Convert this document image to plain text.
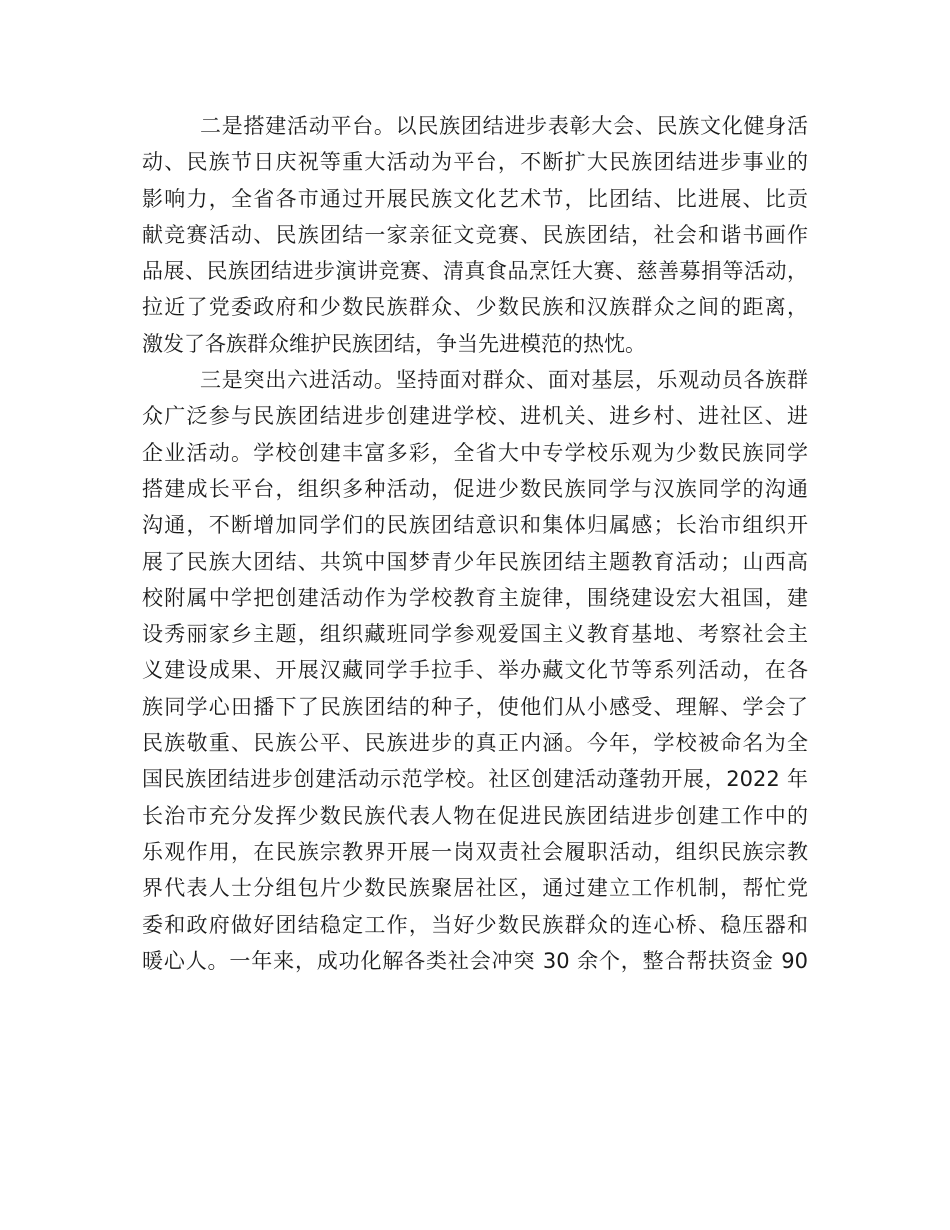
二是搭建活动平台。以民族团结进步表彰大会、民族文化健身活
动、民族节日庆祝等重大活动为平台，不断扩大民族团结进步事业的
影响力，全省各市通过开展民族文化艺术节，比团结、比进展、比贡
献竞赛活动、民族团结一家亲征文竞赛、民族团结，社会和谐书画作
品展、民族团结进步演讲竞赛、清真食品烹饪大赛、慈善募捐等活动，
拉近了党委政府和少数民族群众、少数民族和汉族群众之间的距离，
激发了各族群众维护民族团结，争当先进模范的热忱。
三是突出六进活动。坚持面对群众、面对基层，乐观动员各族群
众广泛参与民族团结进步创建进学校、进机关、进乡村、进社区、进
企业活动。学校创建丰富多彩，全省大中专学校乐观为少数民族同学
搭建成长平台，组织多种活动，促进少数民族同学与汉族同学的沟通
沟通，不断增加同学们的民族团结意识和集体归属感；长治市组织开
展了民族大团结、共筑中国梦青少年民族团结主题教育活动；山西高
校附属中学把创建活动作为学校教育主旋律，围绕建设宏大祖国，建
设秀丽家乡主题，组织藏班同学参观爱国主义教育基地、考察社会主
义建设成果、开展汉藏同学手拉手、举办藏文化节等系列活动，在各
族同学心田播下了民族团结的种子，使他们从小感受、理解、学会了
民族敬重、民族公平、民族进步的真正内涵。今年，学校被命名为全
国民族团结进步创建活动示范学校。社区创建活动蓬勃开展，2022 年
长治市充分发挥少数民族代表人物在促进民族团结进步创建工作中的
乐观作用，在民族宗教界开展一岗双责社会履职活动，组织民族宗教
界代表人士分组包片少数民族聚居社区，通过建立工作机制，帮忙党
委和政府做好团结稳定工作，当好少数民族群众的连心桥、稳压器和
暖心人。一年来，成功化解各类社会冲突 30 余个，整合帮扶资金 90
